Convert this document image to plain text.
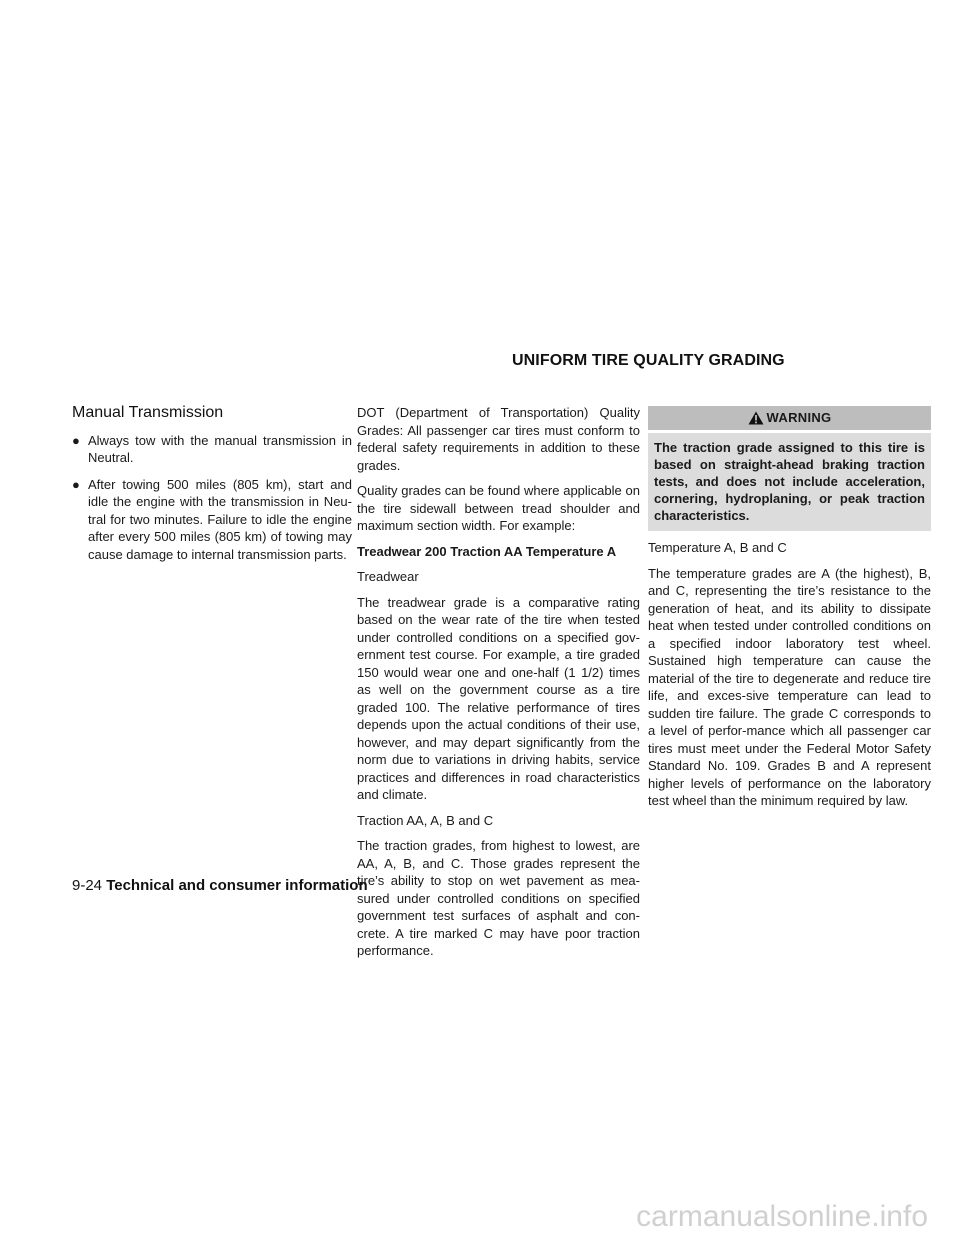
UNIFORM TIRE QUALITY GRADING
Manual Transmission
● Always tow with the manual transmission in Neutral.
● After towing 500 miles (805 km), start and idle the engine with the transmission in Neu-tral for two minutes. Failure to idle the engine after every 500 miles (805 km) of towing may cause damage to internal transmission parts.

DOT (Department of Transportation) Quality Grades: All passenger car tires must conform to federal safety requirements in addition to these grades.

Quality grades can be found where applicable on the tire sidewall between tread shoulder and maximum section width. For example:

Treadwear 200 Traction AA Temperature A

Treadwear

The treadwear grade is a comparative rating based on the wear rate of the tire when tested under controlled conditions on a specified gov-ernment test course. For example, a tire graded 150 would wear one and one-half (1 1/2) times as well on the government course as a tire graded 100. The relative performance of tires depends upon the actual conditions of their use, however, and may depart significantly from the norm due to variations in driving habits, service practices and differences in road characteristics and climate.

Traction AA, A, B and C

The traction grades, from highest to lowest, are AA, A, B, and C. Those grades represent the tire’s ability to stop on wet pavement as mea-sured under controlled conditions on specified government test surfaces of asphalt and con-crete. A tire marked C may have poor traction performance.

WARNING
The traction grade assigned to this tire is based on straight-ahead braking traction tests, and does not include acceleration, cornering, hydroplaning, or peak traction characteristics.

Temperature A, B and C

The temperature grades are A (the highest), B, and C, representing the tire’s resistance to the generation of heat, and its ability to dissipate heat when tested under controlled conditions on a specified indoor laboratory test wheel. Sustained high temperature can cause the material of the tire to degenerate and reduce tire life, and exces-sive temperature can lead to sudden tire failure. The grade C corresponds to a level of perfor-mance which all passenger car tires must meet under the Federal Motor Safety Standard No. 109. Grades B and A represent higher levels of performance on the laboratory test wheel than the minimum required by law.

9-24 Technical and consumer information
carmanualsonline.info
